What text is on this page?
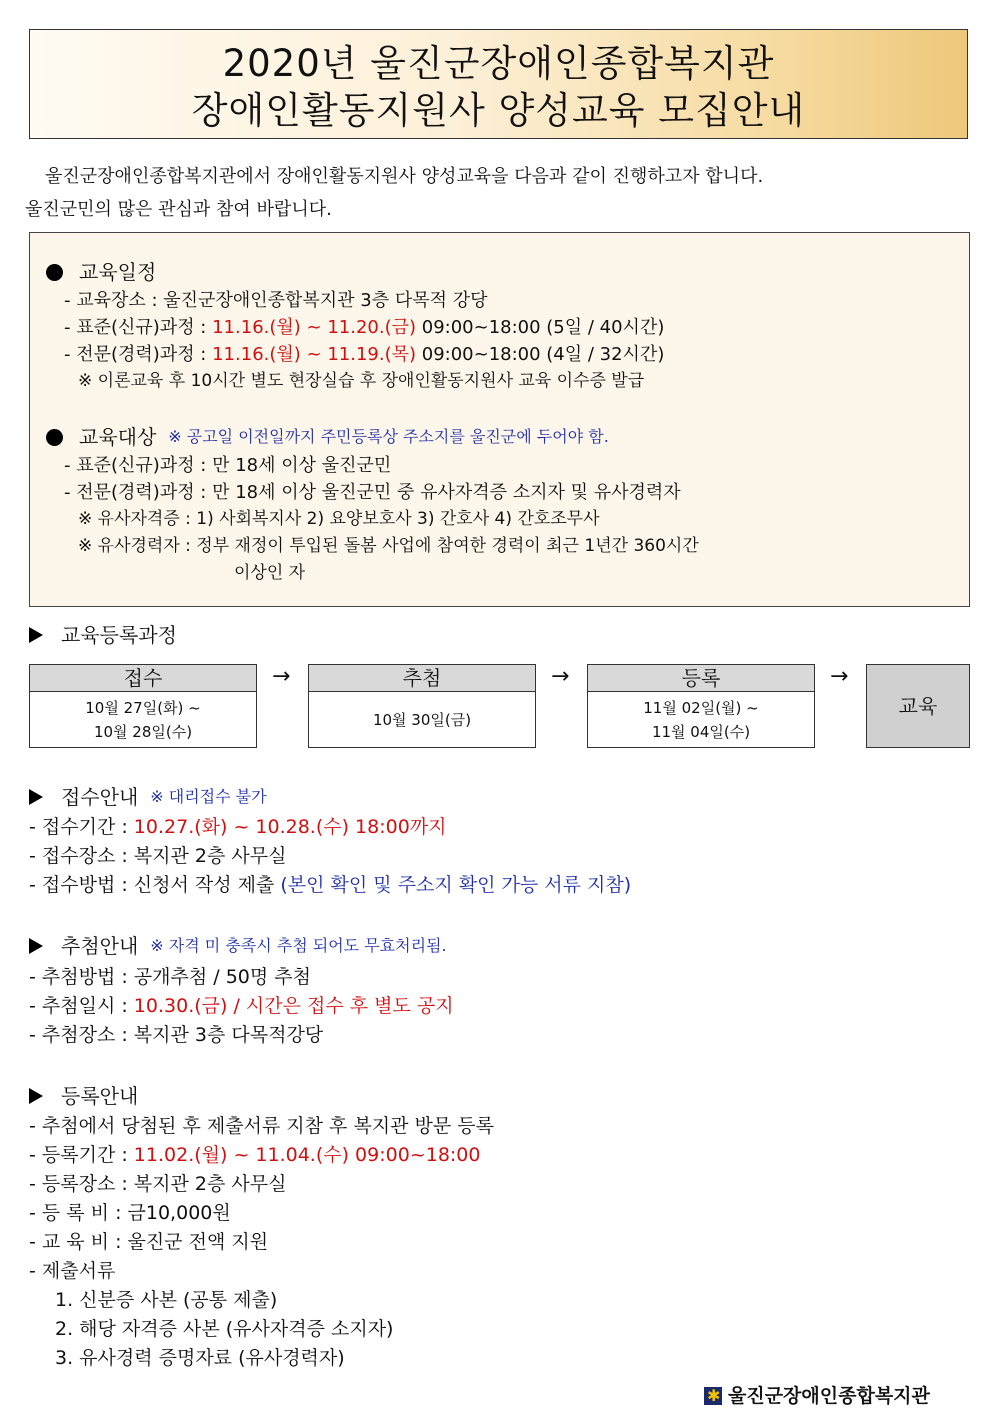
2020년 울진군장애인종합복지관
장애인활동지원사 양성교육 모집안내

울진군장애인종합복지관에서 장애인활동지원사 양성교육을 다음과 같이 진행하고자 합니다.

울진군민의 많은 관심과 참여 바랍니다.

교육일정
- 교육장소 : 울진군장애인종합복지관 3층 다목적 강당
- 표준(신규)과정 : 11.16.(월) ~ 11.20.(금) 09:00~18:00 (5일 / 40시간)
- 전문(경력)과정 : 11.16.(월) ~ 11.19.(목) 09:00~18:00 (4일 / 32시간)
※ 이론교육 후 10시간 별도 현장실습 후 장애인활동지원사 교육 이수증 발급
교육대상 ※ 공고일 이전일까지 주민등록상 주소지를 울진군에 두어야 함.
- 표준(신규)과정 : 만 18세 이상 울진군민
- 전문(경력)과정 : 만 18세 이상 울진군민 중 유사자격증 소지자 및 유사경력자
※ 유사자격증 : 1) 사회복지사 2) 요양보호사 3) 간호사 4) 간호조무사
※ 유사경력자 : 정부 재정이 투입된 돌봄 사업에 참여한 경력이 최근 1년간 360시간
이상인 자
교육등록과정
접수
10월 27일(화) ~
10월 28일(수)
→	추첨
10월 30일(금)
→	등록
11월 02일(월) ~
11월 04일(수)
→
교육
접수안내 ※ 대리접수 불가
- 접수기간 : 10.27.(화) ~ 10.28.(수) 18:00까지
- 접수장소 : 복지관 2층 사무실
- 접수방법 : 신청서 작성 제출 (본인 확인 및 주소지 확인 가능 서류 지참)
추첨안내 ※ 자격 미 충족시 추첨 되어도 무효처리됨.
- 추첨방법 : 공개추첨 / 50명 추첨
- 추첨일시 : 10.30.(금) / 시간은 접수 후 별도 공지
- 추첨장소 : 복지관 3층 다목적강당
등록안내
- 추첨에서 당첨된 후 제출서류 지참 후 복지관 방문 등록
- 등록기간 : 11.02.(월) ~ 11.04.(수) 09:00~18:00
- 등록장소 : 복지관 2층 사무실
- 등 록 비 : 금10,000원
- 교 육 비 : 울진군 전액 지원
- 제출서류
1. 신분증 사본 (공통 제출)
2. 해당 자격증 사본 (유사자격증 소지자)
3. 유사경력 증명자료 (유사경력자)
✱ 울진군장애인종합복지관
